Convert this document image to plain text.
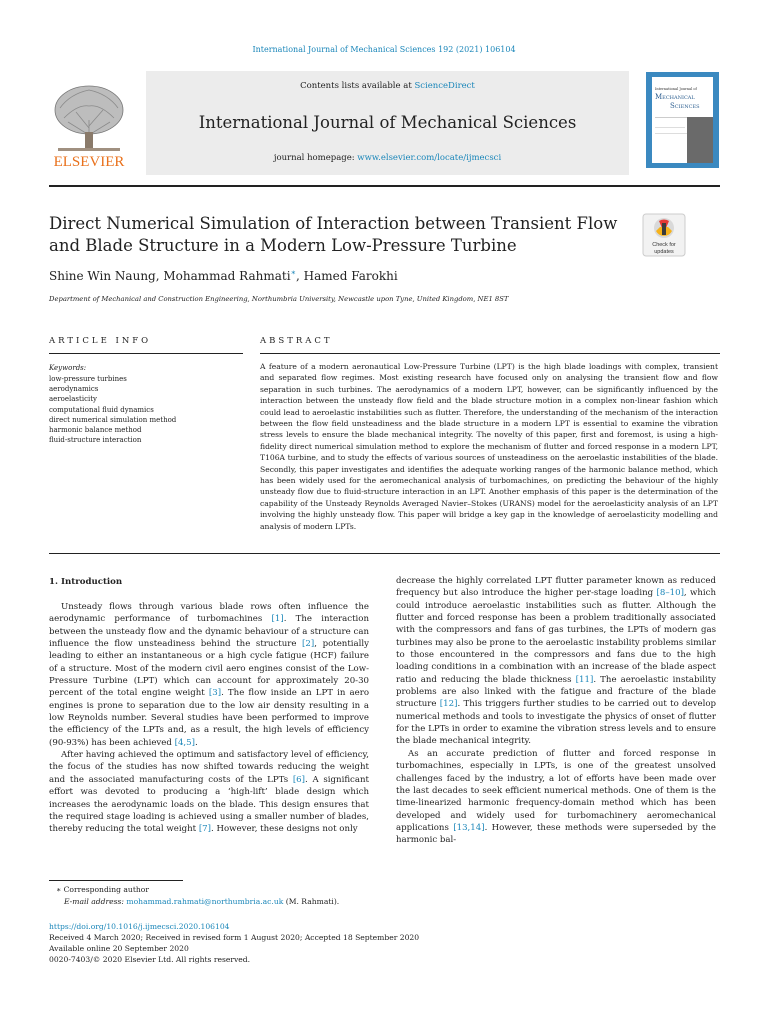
International Journal of Mechanical Sciences 192 (2021) 106104
ELSEVIER
Contents lists available at ScienceDirect
International Journal of Mechanical Sciences
journal homepage: www.elsevier.com/locate/ijmecsci
International Journal of
Mechanical
Sciences
Direct Numerical Simulation of Interaction between Transient Flow and Blade Structure in a Modern Low-Pressure Turbine	Check for
updates
Shine Win Naung, Mohammad Rahmati∗, Hamed Farokhi
Department of Mechanical and Construction Engineering, Northumbria University, Newcastle upon Tyne, United Kingdom, NE1 8ST
ARTICLE INFO	ABSTRACT
Keywords:
low-pressure turbines
aerodynamics
aeroelasticity
computational fluid dynamics
direct numerical simulation method
harmonic balance method
fluid-structure interaction
A feature of a modern aeronautical Low-Pressure Turbine (LPT) is the high blade loadings with complex, transient and separated flow regimes. Most existing research have focused only on analysing the transient flow and flow separation in such turbines. The aerodynamics of a modern LPT, however, can be significantly influenced by the interaction between the unsteady flow field and the blade structure motion in a complex non-linear fashion which could lead to aeroelastic instabilities such as flutter. Therefore, the understanding of the mechanism of the interaction between the flow field unsteadiness and the blade structure in a modern LPT is essential to examine the vibration stress levels to ensure the blade mechanical integrity. The novelty of this paper, first and foremost, is using a high-fidelity direct numerical simulation method to explore the mechanism of flutter and forced response in a modern LPT, T106A turbine, and to study the effects of various sources of unsteadiness on the aeroelastic instabilities of the blade. Secondly, this paper investigates and identifies the adequate working ranges of the harmonic balance method, which has been widely used for the aeromechanical analysis of turbomachines, on predicting the behaviour of the highly unsteady flow due to fluid-structure interaction in an LPT. Another emphasis of this paper is the determination of the capability of the Unsteady Reynolds Averaged Navier–Stokes (URANS) model for the aeroelasticity analysis of an LPT involving the highly unsteady flow. This paper will bridge a key gap in the knowledge of aeroelasticity modelling and analysis of modern LPTs.
1. Introduction

Unsteady flows through various blade rows often influence the aerodynamic performance of turbomachines [1]. The interaction between the unsteady flow and the dynamic behaviour of a structure can influence the flow unsteadiness behind the structure [2], potentially leading to either an instantaneous or a high cycle fatigue (HCF) failure of a structure. Most of the modern civil aero engines consist of the Low-Pressure Turbine (LPT) which can account for approximately 20-30 percent of the total engine weight [3]. The flow inside an LPT in aero engines is prone to separation due to the low air density resulting in a low Reynolds number. Several studies have been performed to improve the efficiency of the LPTs and, as a result, the high levels of efficiency (90-93%) has been achieved [4,5].

After having achieved the optimum and satisfactory level of efficiency, the focus of the studies has now shifted towards reducing the weight and the associated manufacturing costs of the LPTs [6]. A significant effort was devoted to producing a ‘high-lift’ blade design which increases the aerodynamic loads on the blade. This design ensures that the required stage loading is achieved using a smaller number of blades, thereby reducing the total weight [7]. However, these designs not only

decrease the highly correlated LPT flutter parameter known as reduced frequency but also introduce the higher per-stage loading [8–10], which could introduce aeroelastic instabilities such as flutter. Although the flutter and forced response has been a problem traditionally associated with the compressors and fans of gas turbines, the LPTs of modern gas turbines may also be prone to the aeroelastic instability problems similar to those encountered in the compressors and fans due to the high loading conditions in a combination with an increase of the blade aspect ratio and reducing the blade thickness [11]. The aeroelastic instability problems are also linked with the fatigue and fracture of the blade structure [12]. This triggers further studies to be carried out to develop numerical methods and tools to investigate the physics of onset of flutter for the LPTs in order to examine the vibration stress levels and to ensure the blade mechanical integrity.

As an accurate prediction of flutter and forced response in turbomachines, especially in LPTs, is one of the greatest unsolved challenges faced by the industry, a lot of efforts have been made over the last decades to seek efficient numerical methods. One of them is the time-linearized harmonic frequency-domain method which has been developed and widely used for turbomachinery aeromechanical applications [13,14]. However, these methods were superseded by the harmonic bal-

∗ Corresponding author
E-mail address: mohammad.rahmati@northumbria.ac.uk (M. Rahmati).
https://doi.org/10.1016/j.ijmecsci.2020.106104
Received 4 March 2020; Received in revised form 1 August 2020; Accepted 18 September 2020
Available online 20 September 2020
0020-7403/© 2020 Elsevier Ltd. All rights reserved.
